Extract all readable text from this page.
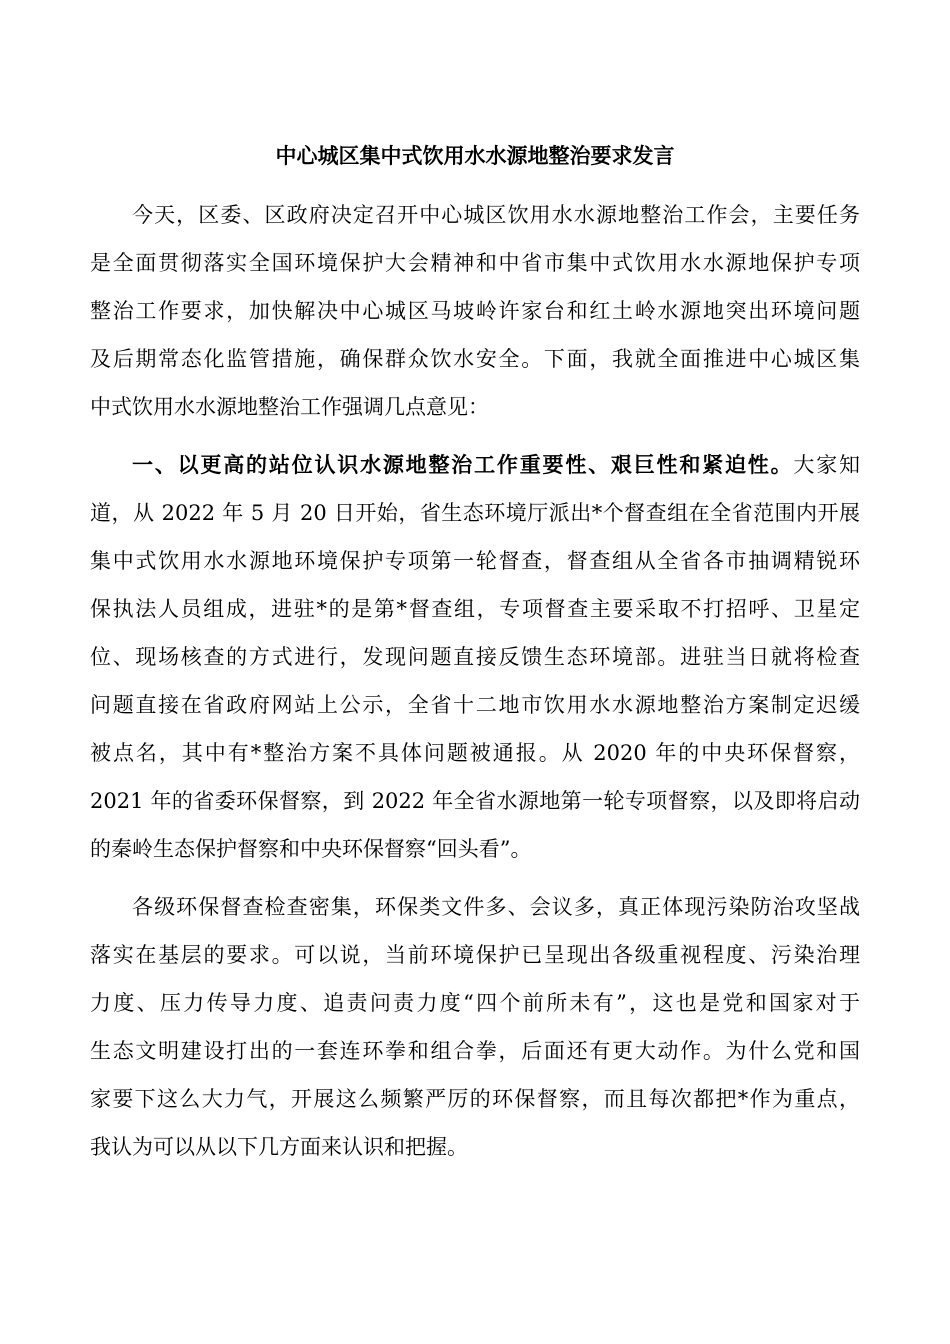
中心城区集中式饮用水水源地整治要求发言
今天，区委、区政府决定召开中心城区饮用水水源地整治工作会，主要任务
是全面贯彻落实全国环境保护大会精神和中省市集中式饮用水水源地保护专项
整治工作要求，加快解决中心城区马坡岭许家台和红土岭水源地突出环境问题
及后期常态化监管措施，确保群众饮水安全。下面，我就全面推进中心城区集
中式饮用水水源地整治工作强调几点意见：
一、以更高的站位认识水源地整治工作重要性、艰巨性和紧迫性。大家知
道，从 2022 年 5 月 20 日开始，省生态环境厅派出*个督查组在全省范围内开展
集中式饮用水水源地环境保护专项第一轮督查，督查组从全省各市抽调精锐环
保执法人员组成，进驻*的是第*督查组，专项督查主要采取不打招呼、卫星定
位、现场核查的方式进行，发现问题直接反馈生态环境部。进驻当日就将检查
问题直接在省政府网站上公示，全省十二地市饮用水水源地整治方案制定迟缓
被点名，其中有*整治方案不具体问题被通报。从 2020 年的中央环保督察，
2021 年的省委环保督察，到 2022 年全省水源地第一轮专项督察，以及即将启动
的秦岭生态保护督察和中央环保督察“回头看”。
各级环保督查检查密集，环保类文件多、会议多，真正体现污染防治攻坚战
落实在基层的要求。可以说，当前环境保护已呈现出各级重视程度、污染治理
力度、压力传导力度、追责问责力度“四个前所未有”，这也是党和国家对于
生态文明建设打出的一套连环拳和组合拳，后面还有更大动作。为什么党和国
家要下这么大力气，开展这么频繁严厉的环保督察，而且每次都把*作为重点，
我认为可以从以下几方面来认识和把握。
